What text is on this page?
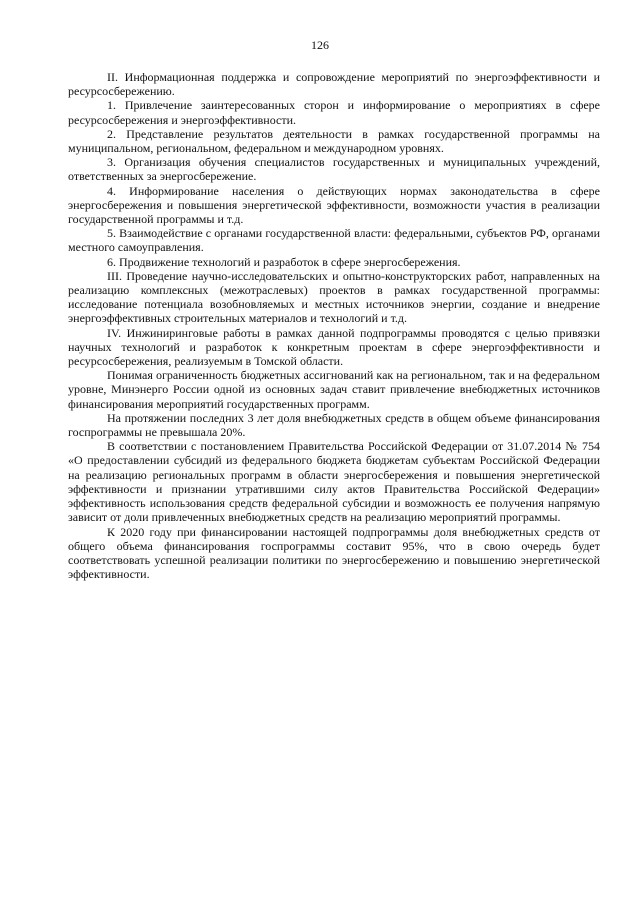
126

II. Информационная поддержка и сопровождение мероприятий по энергоэффективности и ресурсосбережению.

1. Привлечение заинтересованных сторон и информирование о мероприятиях в сфере ресурсосбережения и энергоэффективности.

2. Представление результатов деятельности в рамках государственной программы на муниципальном, региональном, федеральном и международном уровнях.

3. Организация обучения специалистов государственных и муниципальных учреждений, ответственных за энергосбережение.

4. Информирование населения о действующих нормах законодательства в сфере энергосбережения и повышения энергетической эффективности, возможности участия в реализации государственной программы и т.д.

5. Взаимодействие с органами государственной власти: федеральными, субъектов РФ, органами местного самоуправления.

6. Продвижение технологий и разработок в сфере энергосбережения.

III. Проведение научно-исследовательских и опытно-конструкторских работ, направленных на реализацию комплексных (межотраслевых) проектов в рамках государственной программы: исследование потенциала возобновляемых и местных источников энергии, создание и внедрение энергоэффективных строительных материалов и технологий и т.д.

IV. Инжиниринговые работы в рамках данной подпрограммы проводятся с целью привязки научных технологий и разработок к конкретным проектам в сфере энергоэффективности и ресурсосбережения, реализуемым в Томской области.

Понимая ограниченность бюджетных ассигнований как на региональном, так и на федеральном уровне, Минэнерго России одной из основных задач ставит привлечение внебюджетных источников финансирования мероприятий государственных программ.

На протяжении последних 3 лет доля внебюджетных средств в общем объеме финансирования госпрограммы не превышала 20%.

В соответствии с постановлением Правительства Российской Федерации от 31.07.2014 № 754 «О предоставлении субсидий из федерального бюджета бюджетам субъектам Российской Федерации на реализацию региональных программ в области энергосбережения и повышения энергетической эффективности и признании утратившими силу актов Правительства Российской Федерации» эффективность использования средств федеральной субсидии и возможность ее получения напрямую зависит от доли привлеченных внебюджетных средств на реализацию мероприятий программы.

К 2020 году при финансировании настоящей подпрограммы доля внебюджетных средств от общего объема финансирования госпрограммы составит 95%, что в свою очередь будет соответствовать успешной реализации политики по энергосбережению и повышению энергетической эффективности.
